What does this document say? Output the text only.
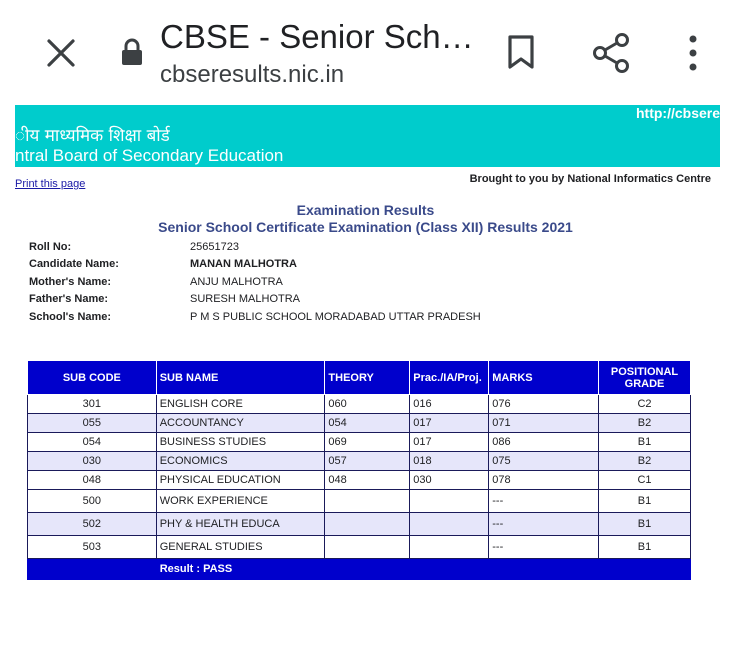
CBSE - Senior Sch…
cbseresults.nic.in
ीय माध्यमिक शिक्षा बोर्ड
ntral Board of Secondary Education
http://cbsere
Print this page	Brought to you by National Informatics Centre
Examination Results
Senior School Certificate Examination (Class XII) Results 2021
Roll No:	25651723
Candidate Name:	MANAN MALHOTRA
Mother's Name:	ANJU MALHOTRA
Father's Name:	SURESH MALHOTRA
School's Name:	P M S PUBLIC SCHOOL MORADABAD UTTAR PRADESH
SUB CODE	SUB NAME	THEORY	Prac./IA/Proj.	MARKS	POSITIONAL GRADE
301	ENGLISH CORE	060	016	076	C2
055	ACCOUNTANCY	054	017	071	B2
054	BUSINESS STUDIES	069	017	086	B1
030	ECONOMICS	057	018	075	B2
048	PHYSICAL EDUCATION	048	030	078	C1
500	WORK EXPERIENCE			---	B1
502	PHY & HEALTH EDUCA			---	B1
503	GENERAL STUDIES			---	B1
	Result : PASS				
